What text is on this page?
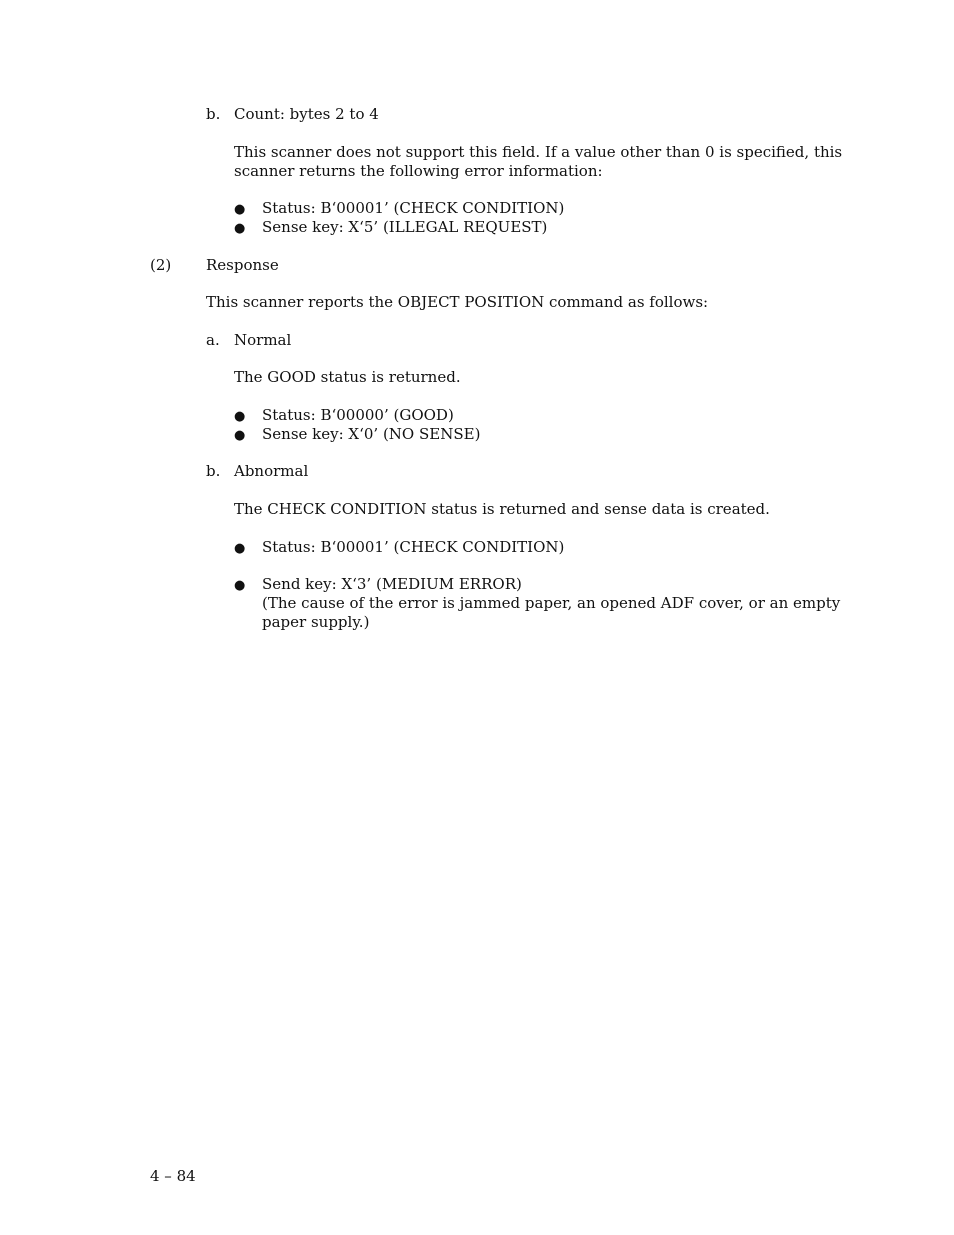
b. Count: bytes 2 to 4
This scanner does not support this field. If a value other than 0 is specified, this
scanner returns the following error information:
● Status: B‘00001’ (CHECK CONDITION)
● Sense key: X‘5’ (ILLEGAL REQUEST)
(2) Response
This scanner reports the OBJECT POSITION command as follows:
a. Normal
The GOOD status is returned.
● Status: B‘00000’ (GOOD)
● Sense key: X‘0’ (NO SENSE)
b. Abnormal
The CHECK CONDITION status is returned and sense data is created.
● Status: B‘00001’ (CHECK CONDITION)
● Send key: X‘3’ (MEDIUM ERROR)
(The cause of the error is jammed paper, an opened ADF cover, or an empty
paper supply.)
4 – 84
